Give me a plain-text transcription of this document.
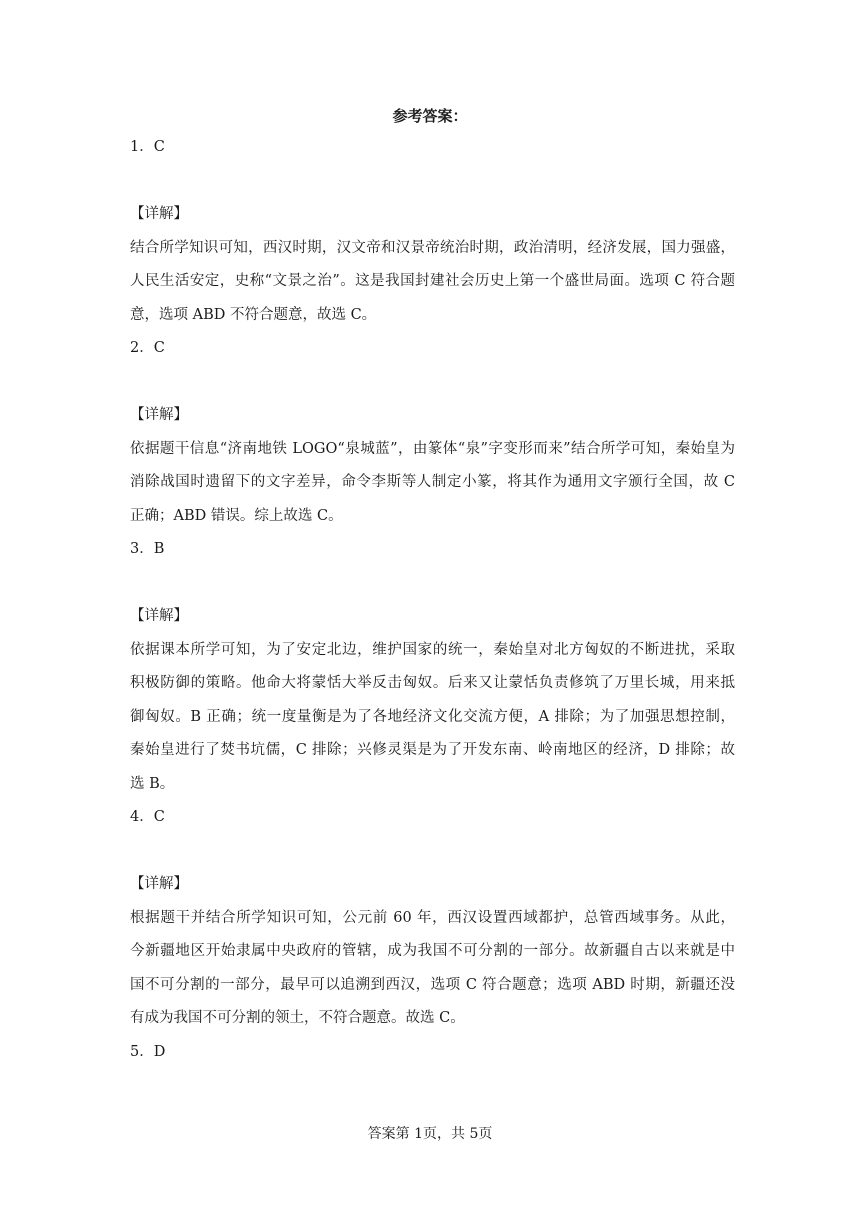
参考答案：
1．C
【详解】
结合所学知识可知，西汉时期，汉文帝和汉景帝统治时期，政治清明，经济发展，国力强盛，
人民生活安定，史称“文景之治”。这是我国封建社会历史上第一个盛世局面。选项 C 符合题
意，选项 ABD 不符合题意，故选 C。
2．C
【详解】
依据题干信息“济南地铁 LOGO“泉城蓝”，由篆体“泉”字变形而来”结合所学可知，秦始皇为
消除战国时遗留下的文字差异，命令李斯等人制定小篆，将其作为通用文字颁行全国，故 C
正确；ABD 错误。综上故选 C。
3．B
【详解】
依据课本所学可知，为了安定北边，维护国家的统一，秦始皇对北方匈奴的不断进扰，采取
积极防御的策略。他命大将蒙恬大举反击匈奴。后来又让蒙恬负责修筑了万里长城，用来抵
御匈奴。B 正确；统一度量衡是为了各地经济文化交流方便，A 排除；为了加强思想控制，
秦始皇进行了焚书坑儒，C 排除；兴修灵渠是为了开发东南、岭南地区的经济，D 排除；故
选 B。
4．C
【详解】
根据题干并结合所学知识可知，公元前 60 年，西汉设置西域都护，总管西域事务。从此，
今新疆地区开始隶属中央政府的管辖，成为我国不可分割的一部分。故新疆自古以来就是中
国不可分割的一部分，最早可以追溯到西汉，选项 C 符合题意；选项 ABD 时期，新疆还没
有成为我国不可分割的领土，不符合题意。故选 C。
5．D
答案第 1页，共 5页
